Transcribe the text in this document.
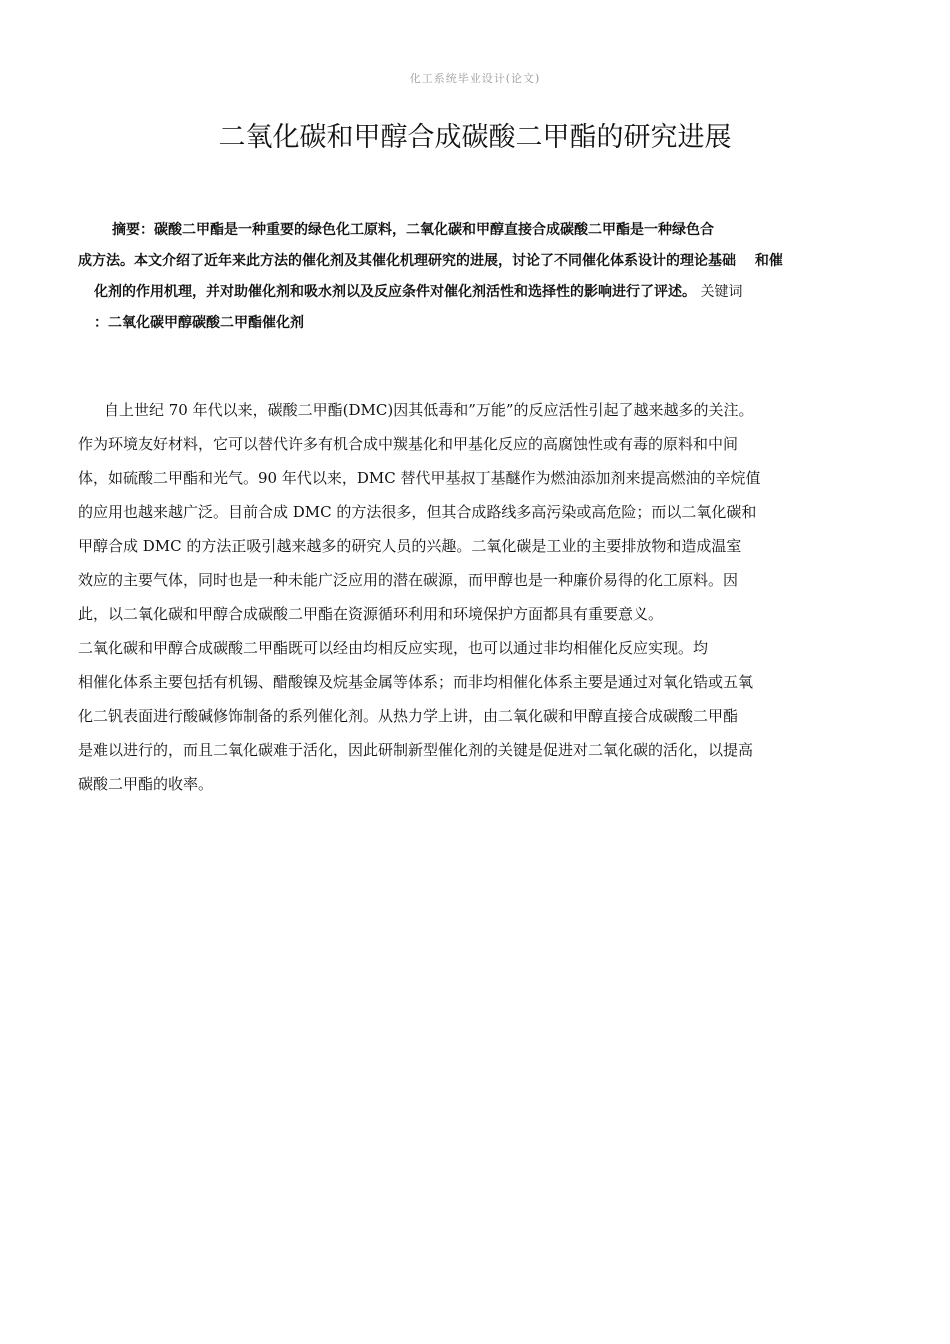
化工系统毕业设计(论文)
二氧化碳和甲醇合成碳酸二甲酯的研究进展
摘要：碳酸二甲酯是一种重要的绿色化工原料，二氧化碳和甲醇直接合成碳酸二甲酯是一种绿色合
成方法。本文介绍了近年来此方法的催化剂及其催化机理研究的进展，讨论了不同催化体系设计的理论基础　 和催
化剂的作用机理，并对助催化剂和吸水剂以及反应条件对催化剂活性和选择性的影响进行了评述。 关键词
：二氧化碳甲醇碳酸二甲酯催化剂
自上世纪 70 年代以来，碳酸二甲酯(DMC)因其低毒和”万能”的反应活性引起了越来越多的关注。
作为环境友好材料，它可以替代许多有机合成中羰基化和甲基化反应的高腐蚀性或有毒的原料和中间
体，如硫酸二甲酯和光气。90 年代以来，DMC 替代甲基叔丁基醚作为燃油添加剂来提高燃油的辛烷值
的应用也越来越广泛。目前合成 DMC 的方法很多，但其合成路线多高污染或高危险；而以二氧化碳和
甲醇合成 DMC 的方法正吸引越来越多的研究人员的兴趣。二氧化碳是工业的主要排放物和造成温室
效应的主要气体，同时也是一种未能广泛应用的潜在碳源，而甲醇也是一种廉价易得的化工原料。因
此，以二氧化碳和甲醇合成碳酸二甲酯在资源循环利用和环境保护方面都具有重要意义。
二氧化碳和甲醇合成碳酸二甲酯既可以经由均相反应实现，也可以通过非均相催化反应实现。均
相催化体系主要包括有机锡、醋酸镍及烷基金属等体系；而非均相催化体系主要是通过对氧化锆或五氧
化二钒表面进行酸碱修饰制备的系列催化剂。从热力学上讲，由二氧化碳和甲醇直接合成碳酸二甲酯
是难以进行的，而且二氧化碳难于活化，因此研制新型催化剂的关键是促进对二氧化碳的活化，以提高
碳酸二甲酯的收率。
